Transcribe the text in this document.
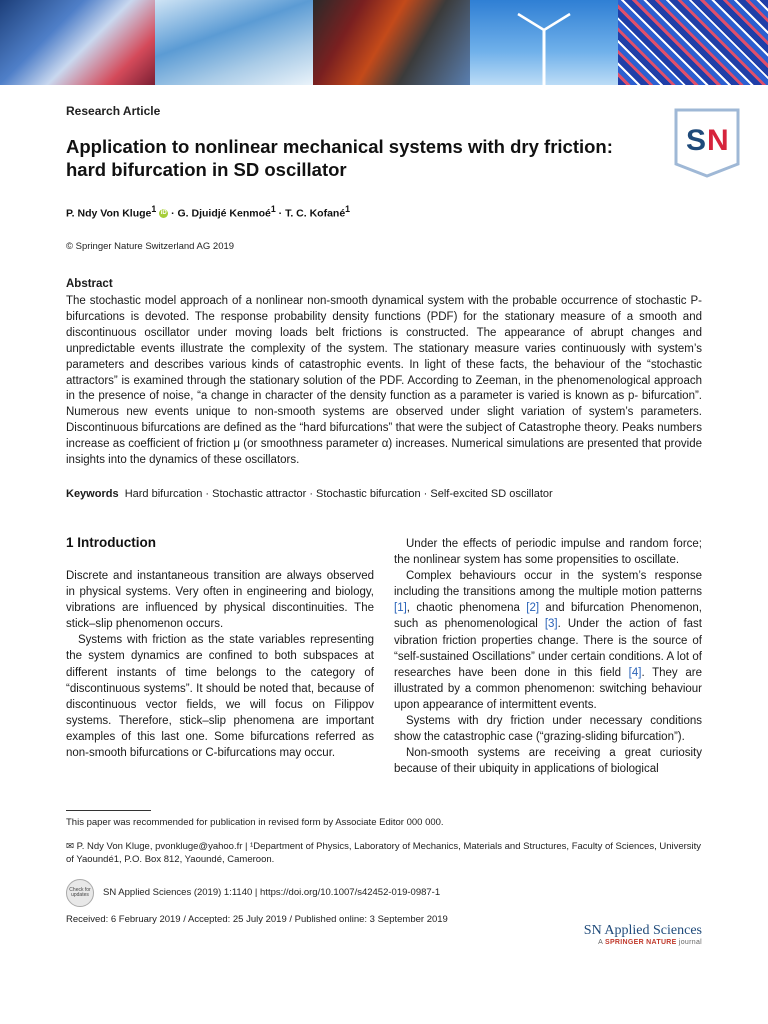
Research Article
Application to nonlinear mechanical systems with dry friction: hard bifurcation in SD oscillator
S N
P. Ndy Von Kluge$^1$ iD · G. Djuidjé Kenmoé$^1$ · T. C. Kofané$^1$
© Springer Nature Switzerland AG 2019
Abstract
The stochastic model approach of a nonlinear non-smooth dynamical system with the probable occurrence of stochastic P-bifurcations is devoted. The response probability density functions (PDF) for the stationary measure of a smooth and discontinuous oscillator under moving loads belt frictions is constructed. The appearance of abrupt changes and unpredictable events illustrate the complexity of the system. The stationary measure varies continuously with system’s parameters and describes various kinds of catastrophic events. In light of these facts, the behaviour of the “stochastic attractors” is examined through the stationary solution of the PDF. According to Zeeman, in the phenomenological approach in the presence of noise, “a change in character of the density function as a parameter is varied is known as p- bifurcation”. Numerous new events unique to non-smooth systems are observed under slight variation of system’s parameters. Discontinuous bifurcations are defined as the “hard bifurcations” that were the subject of Catastrophe theory. Peaks numbers increase as coefficient of friction μ (or smoothness parameter α) increases. Numerical simulations are presented that provide insights into the dynamics of these oscillators.
Keywords Hard bifurcation · Stochastic attractor · Stochastic bifurcation · Self-excited SD oscillator
1 Introduction

Discrete and instantaneous transition are always observed in physical systems. Very often in engineering and biology, vibrations are influenced by physical discontinuities. The stick–slip phenomenon occurs.

Systems with friction as the state variables representing the system dynamics are confined to both subspaces at different instants of time belongs to the category of “discontinuous systems”. It should be noted that, because of discontinuous vector fields, we will focus on Filippov systems. Therefore, stick–slip phenomena are important examples of this last one. Some bifurcations referred as non-smooth bifurcations or C-bifurcations may occur.

Under the effects of periodic impulse and random force; the nonlinear system has some propensities to oscillate.

Complex behaviours occur in the system’s response including the transitions among the multiple motion patterns [1], chaotic phenomena [2] and bifurcation Phenomenon, such as phenomenological [3]. Under the action of fast vibration friction properties change. There is the source of “self-sustained Oscillations” under certain conditions. A lot of researches have been done in this field [4]. They are illustrated by a common phenomenon: switching behaviour upon appearance of intermittent events.

Systems with dry friction under necessary conditions show the catastrophic case (“grazing-sliding bifurcation”).

Non-smooth systems are receiving a great curiosity because of their ubiquity in applications of biological

This paper was recommended for publication in revised form by Associate Editor 000 000.
✉ P. Ndy Von Kluge, pvonkluge@yahoo.fr | ¹Department of Physics, Laboratory of Mechanics, Materials and Structures, Faculty of Sciences, University of Yaoundé1, P.O. Box 812, Yaoundé, Cameroon.
Check for updates	SN Applied Sciences (2019) 1:1140 | https://doi.org/10.1007/s42452-019-0987-1
Received: 6 February 2019 / Accepted: 25 July 2019 / Published online: 3 September 2019
SN Applied Sciences
A SPRINGER NATURE journal
